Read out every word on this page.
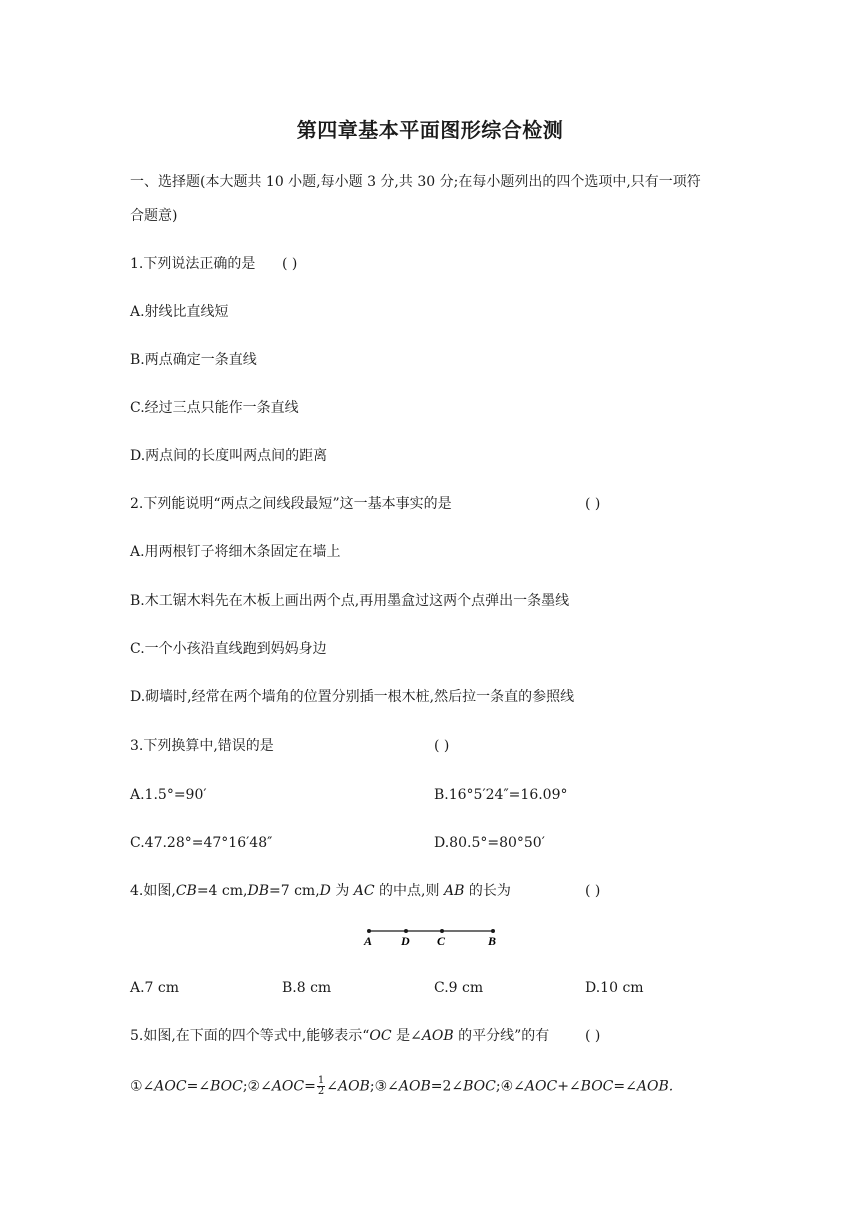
第四章基本平面图形综合检测
一、选择题(本大题共 10 小题,每小题 3 分,共 30 分;在每小题列出的四个选项中,只有一项符
合题意)
1.下列说法正确的是 ( )
A.射线比直线短
B.两点确定一条直线
C.经过三点只能作一条直线
D.两点间的长度叫两点间的距离
2.下列能说明“两点之间线段最短”这一基本事实的是	( )
A.用两根钉子将细木条固定在墙上
B.木工锯木料先在木板上画出两个点,再用墨盒过这两个点弹出一条墨线
C.一个小孩沿直线跑到妈妈身边
D.砌墙时,经常在两个墙角的位置分别插一根木桩,然后拉一条直的参照线
3.下列换算中,错误的是	( )
A.1.5°=90′	B.16°5′24″=16.09°
C.47.28°=47°16′48″	D.80.5°=80°50′
4.如图,CB=4 cm,DB=7 cm,D 为 AC 的中点,则 AB 的长为	( )
A D C	B
A.7 cm	B.8 cm	C.9 cm	D.10 cm
5.如图,在下面的四个等式中,能够表示“OC 是∠AOB 的平分线”的有	( )
①∠AOC=∠BOC;②∠AOC= $\frac{1}{2}$ ∠AOB;③∠AOB=2∠BOC;④∠AOC+∠BOC=∠AOB.
